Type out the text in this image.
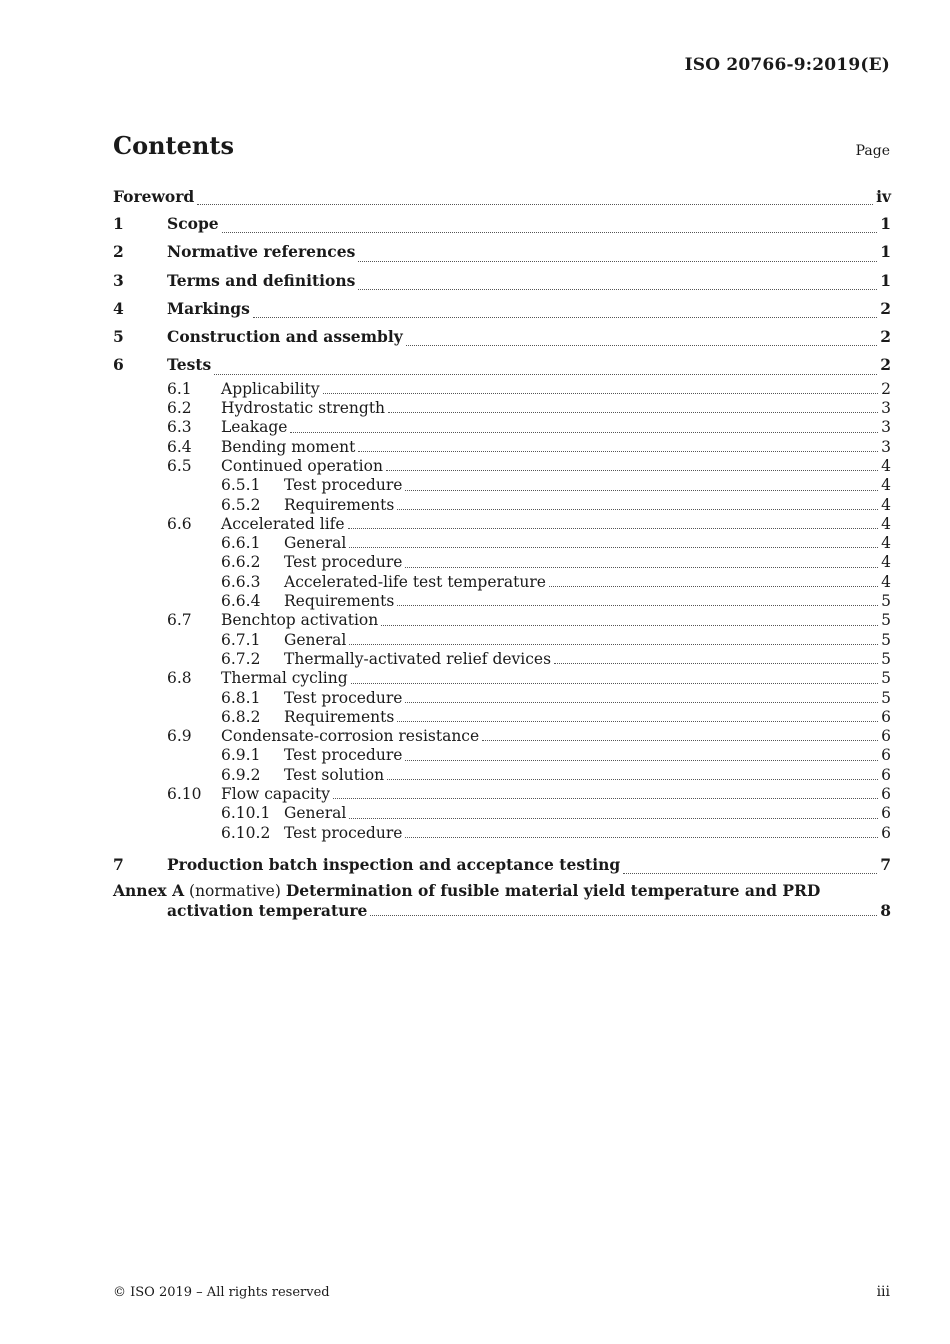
ISO 20766-9:2019(E)
Contents	Page
Foreword	iv
1	Scope	1
2	Normative references	1
3	Terms and definitions	1
4	Markings	2
5	Construction and assembly	2
6	Tests	2
6.1	Applicability	2
6.2	Hydrostatic strength	3
6.3	Leakage	3
6.4	Bending moment	3
6.5	Continued operation	4
6.5.1	Test procedure	4
6.5.2	Requirements	4
6.6	Accelerated life	4
6.6.1	General	4
6.6.2	Test procedure	4
6.6.3	Accelerated-life test temperature	4
6.6.4	Requirements	5
6.7	Benchtop activation	5
6.7.1	General	5
6.7.2	Thermally-activated relief devices	5
6.8	Thermal cycling	5
6.8.1	Test procedure	5
6.8.2	Requirements	6
6.9	Condensate-corrosion resistance	6
6.9.1	Test procedure	6
6.9.2	Test solution	6
6.10	Flow capacity	6
6.10.1 General	6
6.10.2 Test procedure	6
7	Production batch inspection and acceptance testing	7
Annex A (normative) Determination of fusible material yield temperature and PRD
activation temperature	8
© ISO 2019 – All rights reserved	iii
